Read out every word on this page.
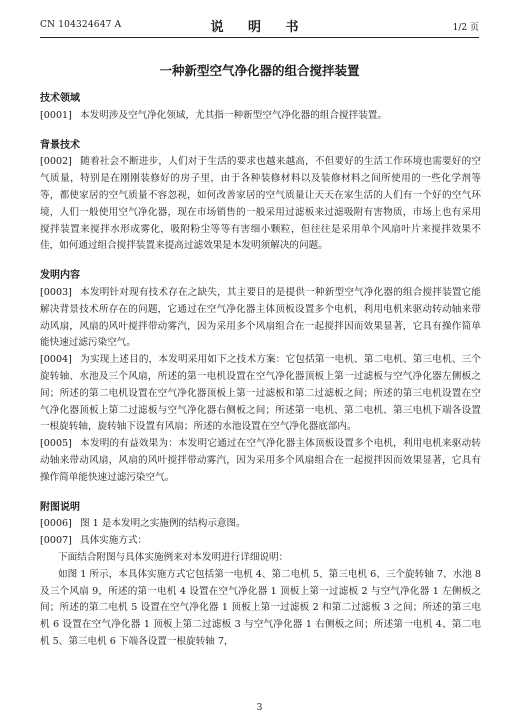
CN 104324647 A	说 明 书	1/2 页
一种新型空气净化器的组合搅拌装置

技术领域

[0001] 本发明涉及空气净化领域，尤其指一种新型空气净化器的组合搅拌装置。

背景技术

[0002] 随着社会不断进步，人们对于生活的要求也越来越高，不但要好的生活工作环境也需要好的空气质量，特别是在刚刚装修好的房子里，由于各种装修材料以及装修材料之间所使用的一些化学剂等等，都使家居的空气质量不容忽视，如何改善家居的空气质量让天天在家生活的人们有一个好的空气环境，人们一般使用空气净化器，现在市场销售的一般采用过滤板来过滤吸附有害物质，市场上也有采用搅拌装置来搅拌水形成雾化，吸附粉尘等等有害细小颗粒，但往往是采用单个风扇叶片来搅拌效果不佳，如何通过组合搅拌装置来提高过滤效果是本发明须解决的问题。

发明内容

[0003] 本发明针对现有技术存在之缺失，其主要目的是提供一种新型空气净化器的组合搅拌装置它能解决背景技术所存在的问题，它通过在空气净化器主体顶板设置多个电机，利用电机来驱动转动轴来带动风扇，风扇的风叶搅拌带动雾汽，因为采用多个风扇组合在一起搅拌因而效果显著，它具有操作简单能快速过滤污染空气。

[0004] 为实现上述目的，本发明采用如下之技术方案：它包括第一电机、第二电机、第三电机、三个旋转轴、水池及三个风扇，所述的第一电机设置在空气净化器顶板上第一过滤板与空气净化器左侧板之间；所述的第二电机设置在空气净化器顶板上第一过滤板和第二过滤板之间；所述的第三电机设置在空气净化器顶板上第二过滤板与空气净化器右侧板之间；所述第一电机、第二电机、第三电机下端各设置一根旋转轴，旋转轴下设置有风扇；所述的水池设置在空气净化器底部内。

[0005] 本发明的有益效果为：本发明它通过在空气净化器主体顶板设置多个电机，利用电机来驱动转动轴来带动风扇，风扇的风叶搅拌带动雾汽，因为采用多个风扇组合在一起搅拌因而效果显著，它具有操作简单能快速过滤污染空气。

附图说明

[0006] 图 1 是本发明之实施例的结构示意图。

[0007] 具体实施方式：

下面结合附图与具体实施例来对本发明进行详细说明：

如图 1 所示，本具体实施方式它包括第一电机 4、第二电机 5、第三电机 6、三个旋转轴 7、水池 8 及三个风扇 9，所述的第一电机 4 设置在空气净化器 1 顶板上第一过滤板 2 与空气净化器 1 左侧板之间；所述的第二电机 5 设置在空气净化器 1 顶板上第一过滤板 2 和第二过滤板 3 之间；所述的第三电机 6 设置在空气净化器 1 顶板上第二过滤板 3 与空气净化器 1 右侧板之间；所述第一电机 4、第二电机 5、第三电机 6 下端各设置一根旋转轴 7，

3
